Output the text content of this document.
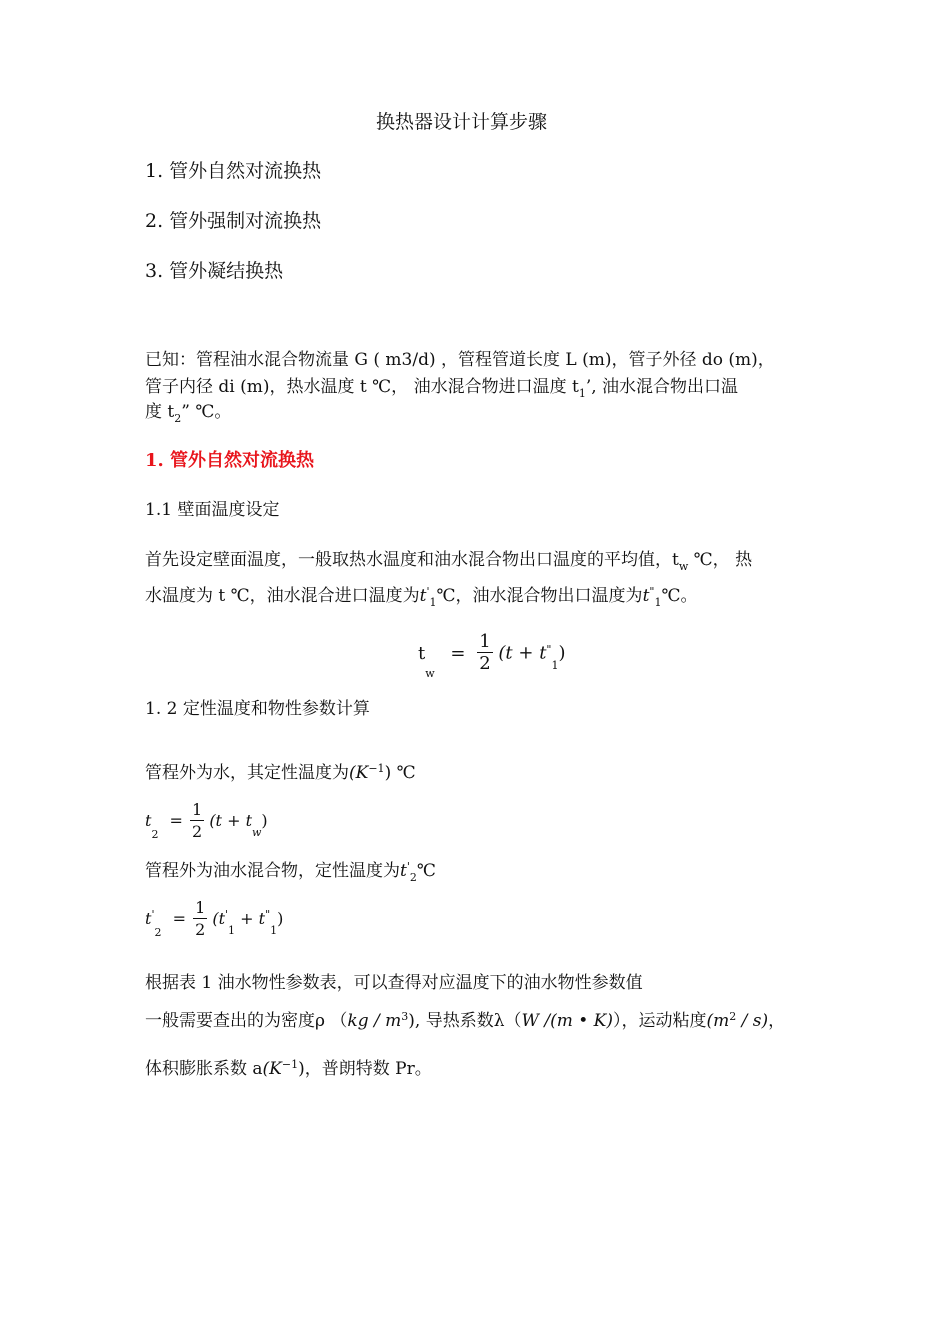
换热器设计计算步骤
1. 管外自然对流换热
2. 管外强制对流换热
3. 管外凝结换热
已知：管程油水混合物流量 G ( m3/d) ，管程管道长度 L (m)，管子外径 do (m)，
管子内径 di (m)，热水温度 t ℃， 油水混合物进口温度 $t_1$’, 油水混合物出口温
度 $t_2$” ℃。
1. 管外自然对流换热
1.1 壁面温度设定
首先设定壁面温度，一般取热水温度和油水混合物出口温度的平均值，$t_w$ ℃， 热
水温度为 t ℃，油水混合进口温度为$t'_1℃$，油水混合物出口温度为$t^"_1℃$。
$t_w = \frac{1}{2} (t + t^"_1)$
1. 2 定性温度和物性参数计算
管程外为水，其定性温度为$(K^{-1})$ ℃
$t_2 = \frac{1}{2} (t + t_w)$
管程外为油水混合物，定性温度为$t'_2℃$
$t'_2 = \frac{1}{2} (t'_1 + t^"_1)$
根据表 1 油水物性参数表，可以查得对应温度下的油水物性参数值
一般需要查出的为密度ρ $(kg / m^3)$, 导热系数λ（W /(m • K)），运动粘度$(m^2 / s)$，
体积膨胀系数 $a(K^{-1})$，普朗特数 Pr。
